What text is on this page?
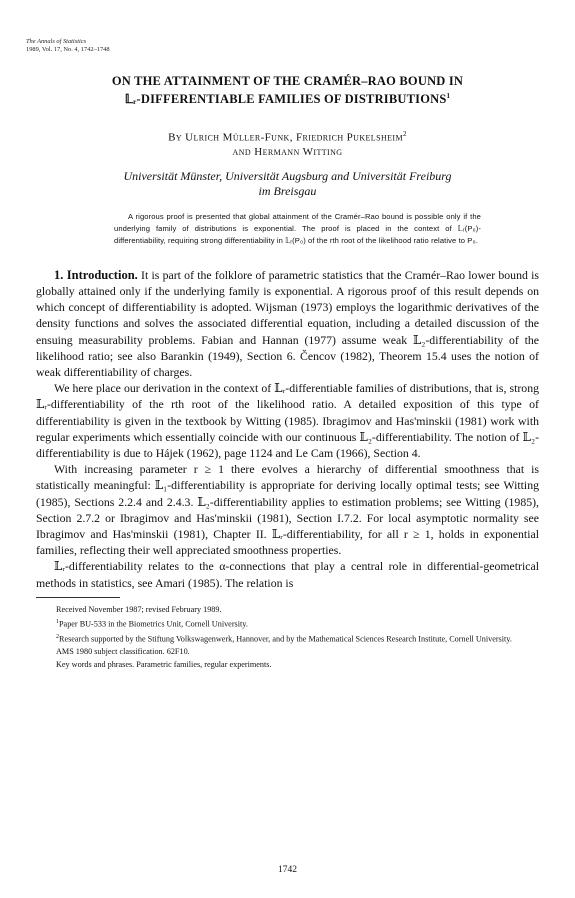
The Annals of Statistics
1989, Vol. 17, No. 4, 1742–1748
ON THE ATTAINMENT OF THE CRAMÉR–RAO BOUND IN
𝕃ᵣ-DIFFERENTIABLE FAMILIES OF DISTRIBUTIONS$^1$
By Ulrich Müller-Funk, Friedrich Pukelsheim$^2$
and Hermann Witting
Universität Münster, Universität Augsburg and Universität Freiburg
im Breisgau
A rigorous proof is presented that global attainment of the Cramér–Rao bound is possible only if the underlying family of distributions is exponential. The proof is placed in the context of 𝕃ᵣ(P₀)-differentiability, requiring strong differentiability in 𝕃ᵣ(P₀) of the rth root of the likelihood ratio relative to P₀.

1. Introduction. It is part of the folklore of parametric statistics that the Cramér–Rao lower bound is globally attained only if the underlying family is exponential. A rigorous proof of this result depends on which concept of differentiability is adopted. Wijsman (1973) employs the logarithmic derivatives of the density functions and solves the associated differential equation, including a detailed discussion of the ensuing measurability problems. Fabian and Hannan (1977) assume weak 𝕃₂-differentiability of the likelihood ratio; see also Barankin (1949), Section 6. Čencov (1982), Theorem 15.4 uses the notion of weak differentiability of charges.

We here place our derivation in the context of 𝕃ᵣ-differentiable families of distributions, that is, strong 𝕃ᵣ-differentiability of the rth root of the likelihood ratio. A detailed exposition of this type of differentiability is given in the textbook by Witting (1985). Ibragimov and Has'minskii (1981) work with regular experiments which essentially coincide with our continuous 𝕃₂-differentiability. The notion of 𝕃₂-differentiability is due to Hájek (1962), page 1124 and Le Cam (1966), Section 4.

With increasing parameter r ≥ 1 there evolves a hierarchy of differential smoothness that is statistically meaningful: 𝕃₁-differentiability is appropriate for deriving locally optimal tests; see Witting (1985), Sections 2.2.4 and 2.4.3. 𝕃₂-differentiability applies to estimation problems; see Witting (1985), Section 2.7.2 or Ibragimov and Has'minskii (1981), Section I.7.2. For local asymptotic normality see Ibragimov and Has'minskii (1981), Chapter II. 𝕃ᵣ-differentiability, for all r ≥ 1, holds in exponential families, reflecting their well appreciated smoothness properties.

𝕃ᵣ-differentiability relates to the α-connections that play a central role in differential-geometrical methods in statistics, see Amari (1985). The relation is

Received November 1987; revised February 1989.
$^1$Paper BU-533 in the Biometrics Unit, Cornell University.
$^2$Research supported by the Stiftung Volkswagenwerk, Hannover, and by the Mathematical Sciences Research Institute, Cornell University.
AMS 1980 subject classification. 62F10.
Key words and phrases. Parametric families, regular experiments.
1742
